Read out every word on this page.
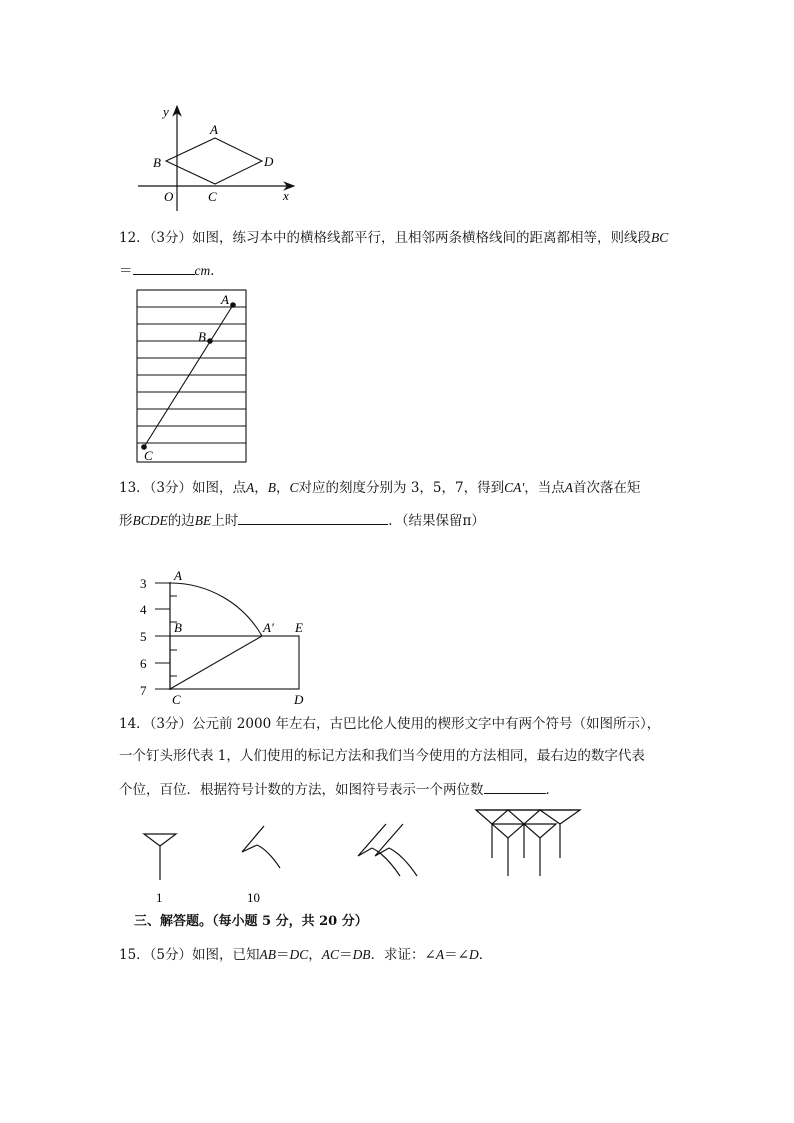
y
x
O
A
B
C
D
12．（3分）如图，练习本中的横格线都平行，且相邻两条横格线间的距离都相等，则线段BC
＝	cm．
A
B
C
13．（3分）如图，点A，B，C对应的刻度分别为 3，5，7，得到CA'，当点A首次落在矩
形BCDE的边BE上时	．（结果保留π）
3
4
5
6
7
A
B	A′ E
C	D
14．（3分）公元前 2000 年左右，古巴比伦人使用的楔形文字中有两个符号（如图所示），
一个钉头形代表 1，人们使用的标记方法和我们当今使用的方法相同，最右边的数字代表
个位，百位．根据符号计数的方法，如图符号表示一个两位数	．
1	10
三、解答题。（每小题 5 分，共 20 分）
15．（5分）如图，已知AB＝DC，AC＝DB．求证：∠A＝∠D．
